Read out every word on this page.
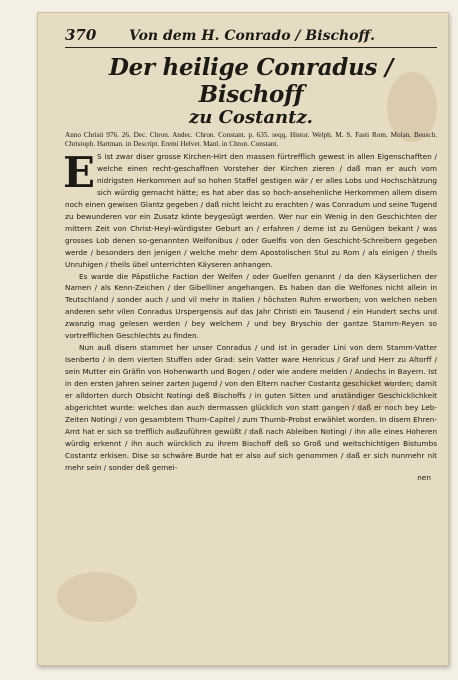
370	Von dem H. Conrado / Bischoff.
Der heilige Conradus / Bischoff
zu Costantz.
Anno Christi 976. 26. Dec. Chron. Andec. Chron. Constant. p. 635. seqq. Histor. Welph. M. S. Fasti Rom. Molan. Beusch. Christoph. Hartman. in Descript. Eremi Helvet. Manl. in Chron. Constant.

E S ist zwar diser grosse Kirchen-Hirt den massen fürtrefflich gewest in allen Eigenschafften / welche einen recht-geschaffnen Vorsteher der Kirchen zieren / daß man er auch vom nidrigsten Herkommen auf so hohen Staffel gestigen wär / er alles Lobs und Hochschätzung sich würdig gemacht hätte; es hat aber das so hoch-ansehenliche Herkommen allem disem noch einen gewisen Glantz gegeben / daß nicht leicht zu erachten / was Conradum und seine Tugend zu bewunderen vor ein Zusatz könte beygesügt werden. Wer nur ein Wenig in den Geschichten der mittern Zeit von Christ-Heyl-würdigster Geburt an / erfahren / deme ist zu Genügen bekant / was grosses Lob denen so-genannten Welfonibus / oder Guelfis von den Geschicht-Schreibern gegeben werde / besonders den jenigen / welche mehr dem Apostolischen Stul zu Rom / als einigen / theils Unruhigen / theils übel unterrichten Käyseren anhangen.

Es warde die Päpstliche Faction der Welfen / oder Guelfen genannt / da den Käyserlichen der Namen / als Kenn-Zeichen / der Gibelliner angehangen. Es haben dan die Welfones nicht allein in Teutschland / sonder auch / und vil mehr in Italien / höchsten Ruhm erworben; von welchen neben anderen sehr vilen Conradus Urspergensis auf das Jahr Christi ein Tausend / ein Hundert sechs und zwanzig mag gelesen werden / bey welchem / und bey Bryschio der gantze Stamm-Reyen so vortrefflichen Geschlechts zu finden.

Nun auß disem stammet her unser Conradus / und ist in gerader Lini von dem Stamm-Vatter Isenberto / in dem vierten Stuffen oder Grad: sein Vatter ware Henricus / Graf und Herr zu Altorff / sein Mutter ein Gräfin von Hohenwarth und Bogen / oder wie andere melden / Andechs in Bayern. Ist in den ersten Jahren seiner zarten Jugend / von den Eltern nacher Costantz geschicket worden; damit er alldorten durch Obsicht Notingi deß Bischoffs / in guten Sitten und anständiger Geschicklichkeit abgerichtet wurde: welches dan auch dermassen glücklich von statt gangen / daß er noch bey Leb-Zeiten Notingi / von gesambtem Thum-Capitel / zum Thumb-Probst erwählet worden. In disem Ehren-Amt hat er sich so trefflich außzuführen gewüßt / daß nach Ableiben Notingi / ihn alle eines Hoheren würdig erkennt / ihn auch würcklich zu ihrem Bischoff deß so Groß und weitschichtigen Bistumbs Costantz erkisen. Dise so schwäre Burde hat er also auf sich genommen / daß er sich nunmehr nit mehr sein / sonder deß gemei-

nen
